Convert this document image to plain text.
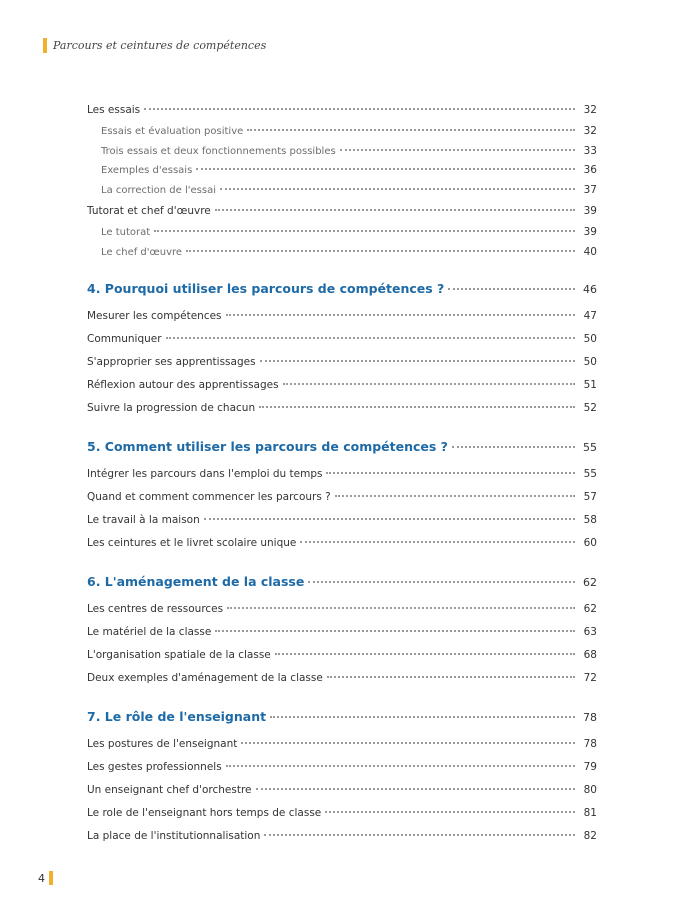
Parcours et ceintures de compétences
Les essais	32
Essais et évaluation positive	32
Trois essais et deux fonctionnements possibles	33
Exemples d'essais	36
La correction de l'essai	37
Tutorat et chef d'œuvre	39
Le tutorat	39
Le chef d'œuvre	40
4. Pourquoi utiliser les parcours de compétences ?	46
Mesurer les compétences	47
Communiquer	50
S'approprier ses apprentissages	50
Réflexion autour des apprentissages	51
Suivre la progression de chacun	52
5. Comment utiliser les parcours de compétences ?	55
Intégrer les parcours dans l'emploi du temps	55
Quand et comment commencer les parcours ?	57
Le travail à la maison	58
Les ceintures et le livret scolaire unique	60
6. L'aménagement de la classe	62
Les centres de ressources	62
Le matériel de la classe	63
L'organisation spatiale de la classe	68
Deux exemples d'aménagement de la classe	72
7. Le rôle de l'enseignant	78
Les postures de l'enseignant	78
Les gestes professionnels	79
Un enseignant chef d'orchestre	80
Le role de l'enseignant hors temps de classe	81
La place de l'institutionnalisation	82
4
